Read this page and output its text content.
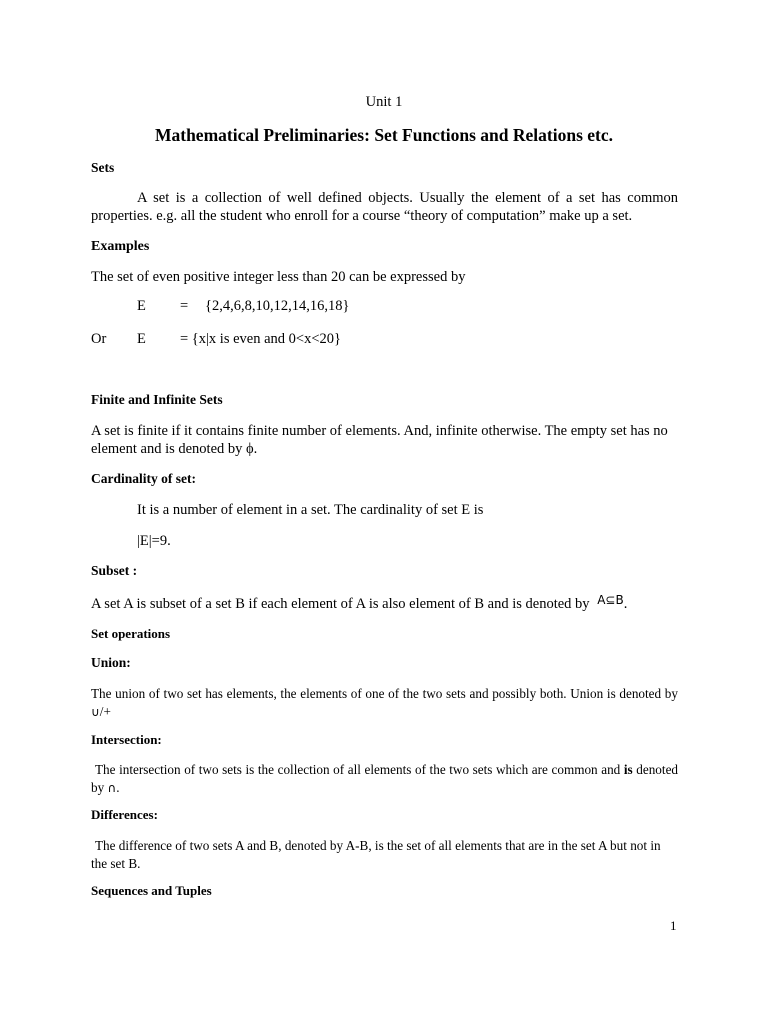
Unit 1
Mathematical Preliminaries: Set Functions and Relations etc.
Sets
A set is a collection of well defined objects. Usually the element of a set has common properties. e.g. all the student who enroll for a course “theory of computation” make up a set.
Examples
The set of even positive integer less than 20 can be expressed by
E = {2,4,6,8,10,12,14,16,18}
Or E = {x|x is even and 0<x<20}
Finite and Infinite Sets
A set is finite if it contains finite number of elements. And, infinite otherwise. The empty set has no element and is denoted by ϕ.
Cardinality of set:
It is a number of element in a set. The cardinality of set E is
|E|=9.
Subset :
A set A is subset of a set B if each element of A is also element of B and is denoted by $^{A⊆B}$.
Set operations
Union:
The union of two set has elements, the elements of one of the two sets and possibly both. Union is denoted by ∪/+
Intersection:
The intersection of two sets is the collection of all elements of the two sets which are common and is denoted by ∩.
Differences:
The difference of two sets A and B, denoted by A-B, is the set of all elements that are in the set A but not in the set B.
Sequences and Tuples
1
